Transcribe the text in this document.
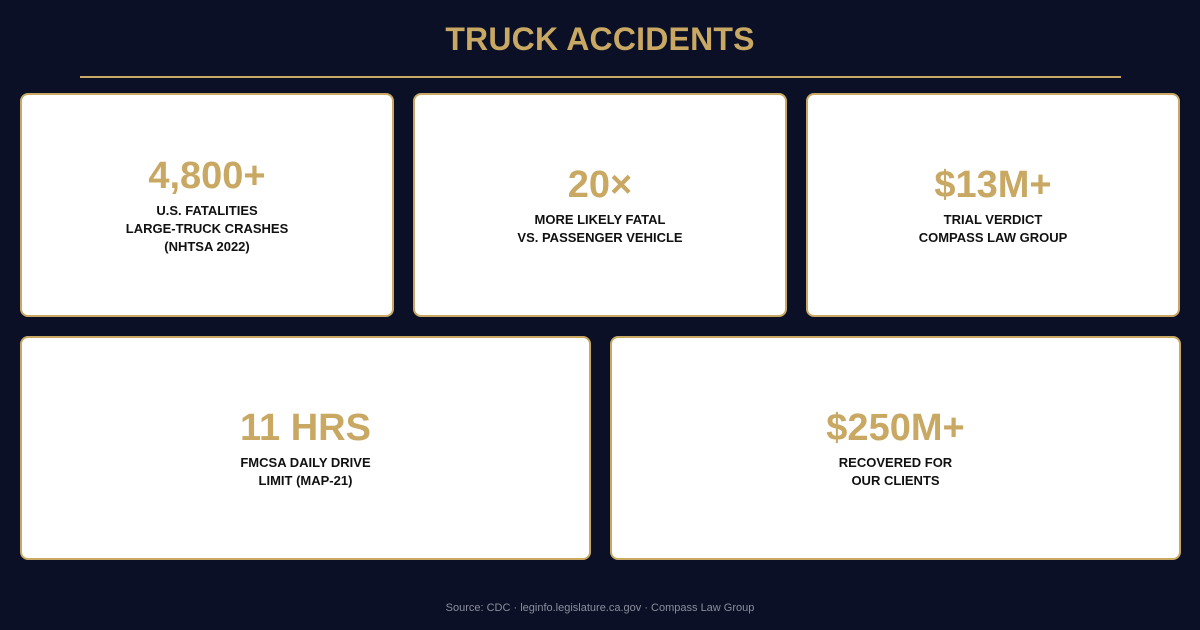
TRUCK ACCIDENTS
4,800+
U.S. FATALITIES
LARGE-TRUCK CRASHES
(NHTSA 2022)
20×
MORE LIKELY FATAL
VS. PASSENGER VEHICLE
$13M+
TRIAL VERDICT
COMPASS LAW GROUP
11 HRS
FMCSA DAILY DRIVE
LIMIT (MAP-21)
$250M+
RECOVERED FOR
OUR CLIENTS
Source: CDC · leginfo.legislature.ca.gov · Compass Law Group
